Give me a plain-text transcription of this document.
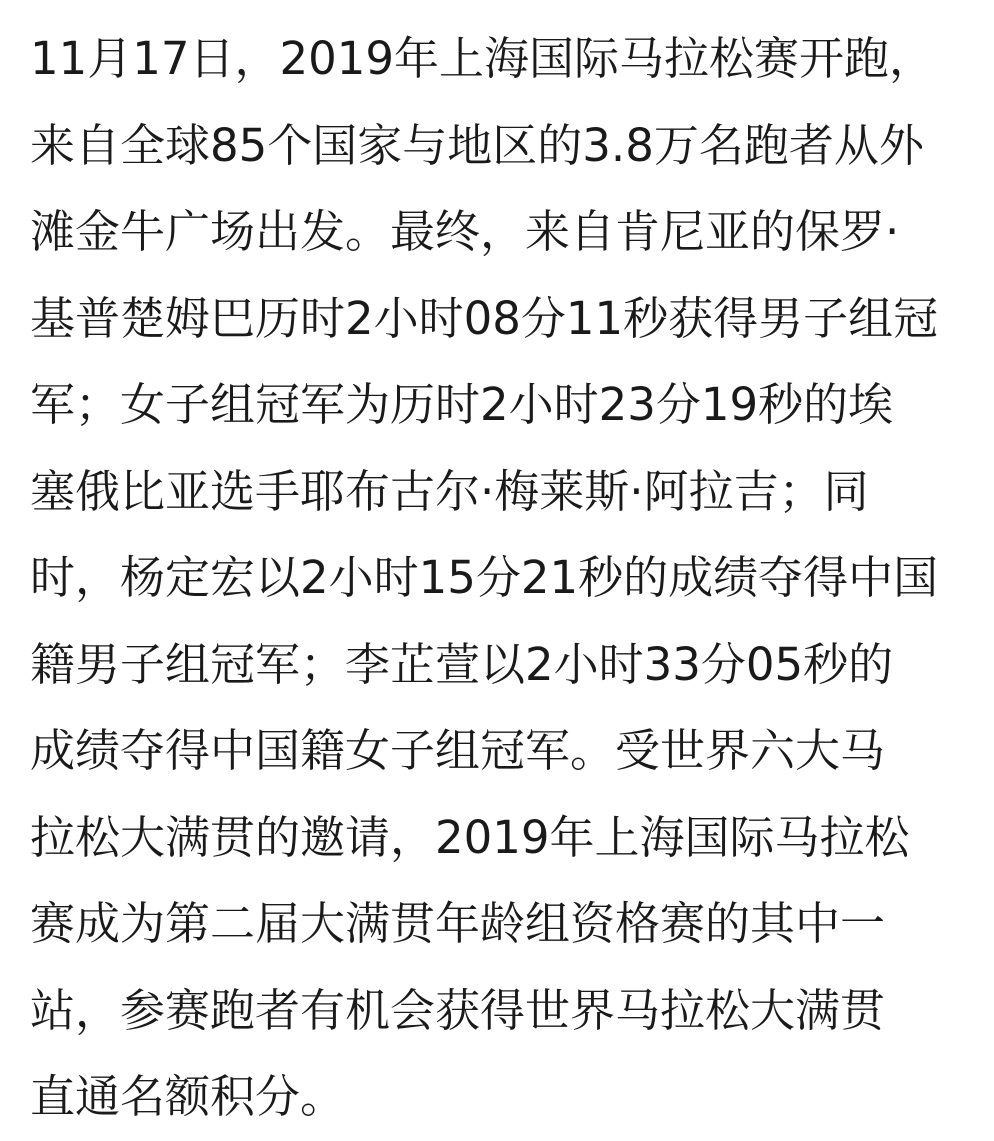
11月17日，2019年上海国际马拉松赛开跑，
来自全球85个国家与地区的3.8万名跑者从外
滩金牛广场出发。最终，来自肯尼亚的保罗·
基普楚姆巴历时2小时08分11秒获得男子组冠
军；女子组冠军为历时2小时23分19秒的埃
塞俄比亚选手耶布古尔·梅莱斯·阿拉吉；同
时，杨定宏以2小时15分21秒的成绩夺得中国
籍男子组冠军；李芷萱以2小时33分05秒的
成绩夺得中国籍女子组冠军。受世界六大马
拉松大满贯的邀请，2019年上海国际马拉松
赛成为第二届大满贯年龄组资格赛的其中一
站，参赛跑者有机会获得世界马拉松大满贯
直通名额积分。
